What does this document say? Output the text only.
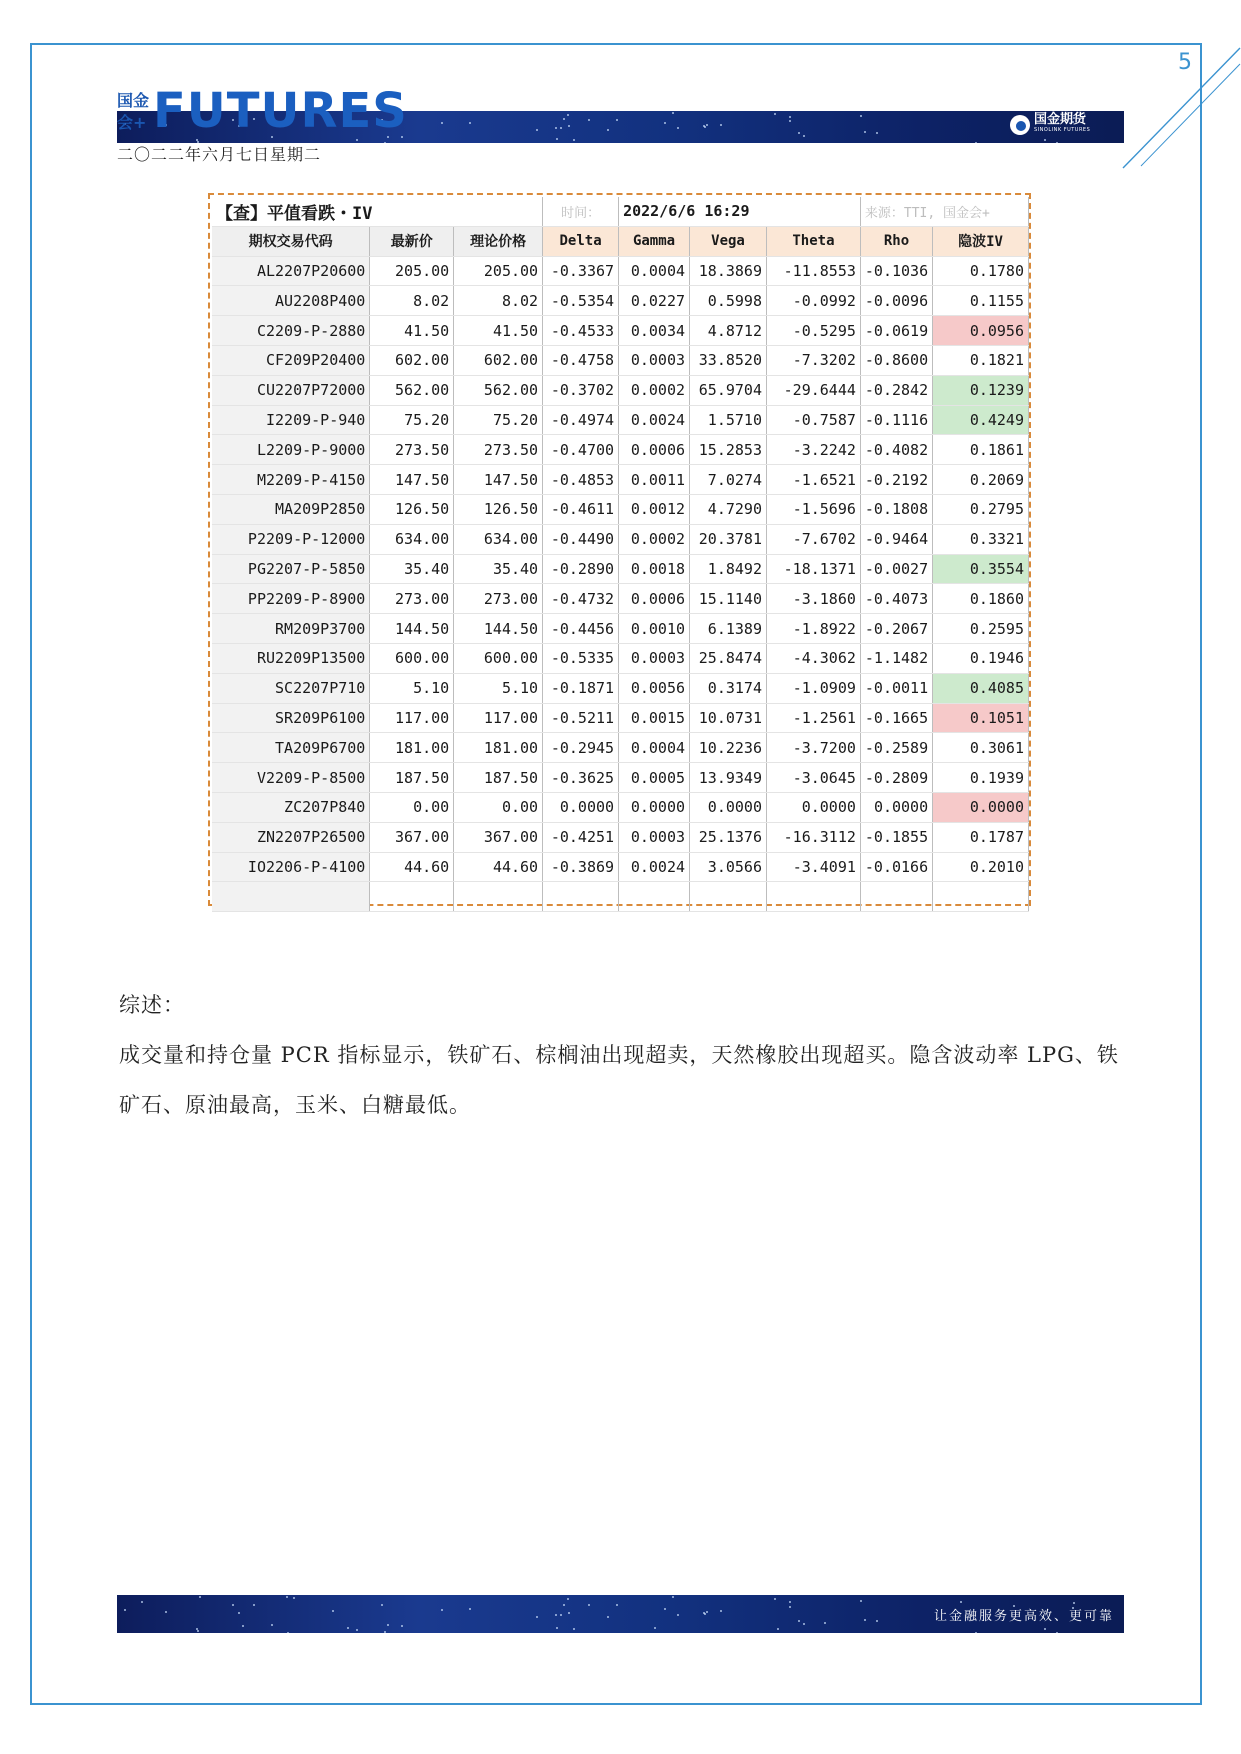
5
国金会+ FUTURES	国金期货
SINOLINK FUTURES
二〇二二年六月七日星期二
【查】平值看跌・IV			时间：	2022/6/6 16:29			来源：TTI, 国金会+	
期权交易代码	最新价	理论价格	Delta	Gamma	Vega	Theta	Rho	隐波IV
AL2207P20600	205.00	205.00	-0.3367	0.0004	18.3869	-11.8553	-0.1036	0.1780
AU2208P400	8.02	8.02	-0.5354	0.0227	0.5998	-0.0992	-0.0096	0.1155
C2209-P-2880	41.50	41.50	-0.4533	0.0034	4.8712	-0.5295	-0.0619	0.0956
CF209P20400	602.00	602.00	-0.4758	0.0003	33.8520	-7.3202	-0.8600	0.1821
CU2207P72000	562.00	562.00	-0.3702	0.0002	65.9704	-29.6444	-0.2842	0.1239
I2209-P-940	75.20	75.20	-0.4974	0.0024	1.5710	-0.7587	-0.1116	0.4249
L2209-P-9000	273.50	273.50	-0.4700	0.0006	15.2853	-3.2242	-0.4082	0.1861
M2209-P-4150	147.50	147.50	-0.4853	0.0011	7.0274	-1.6521	-0.2192	0.2069
MA209P2850	126.50	126.50	-0.4611	0.0012	4.7290	-1.5696	-0.1808	0.2795
P2209-P-12000	634.00	634.00	-0.4490	0.0002	20.3781	-7.6702	-0.9464	0.3321
PG2207-P-5850	35.40	35.40	-0.2890	0.0018	1.8492	-18.1371	-0.0027	0.3554
PP2209-P-8900	273.00	273.00	-0.4732	0.0006	15.1140	-3.1860	-0.4073	0.1860
RM209P3700	144.50	144.50	-0.4456	0.0010	6.1389	-1.8922	-0.2067	0.2595
RU2209P13500	600.00	600.00	-0.5335	0.0003	25.8474	-4.3062	-1.1482	0.1946
SC2207P710	5.10	5.10	-0.1871	0.0056	0.3174	-1.0909	-0.0011	0.4085
SR209P6100	117.00	117.00	-0.5211	0.0015	10.0731	-1.2561	-0.1665	0.1051
TA209P6700	181.00	181.00	-0.2945	0.0004	10.2236	-3.7200	-0.2589	0.3061
V2209-P-8500	187.50	187.50	-0.3625	0.0005	13.9349	-3.0645	-0.2809	0.1939
ZC207P840	0.00	0.00	0.0000	0.0000	0.0000	0.0000	0.0000	0.0000
ZN2207P26500	367.00	367.00	-0.4251	0.0003	25.1376	-16.3112	-0.1855	0.1787
IO2206-P-4100	44.60	44.60	-0.3869	0.0024	3.0566	-3.4091	-0.0166	0.2010

综述：

成交量和持仓量 PCR 指标显示，铁矿石、棕榈油出现超卖，天然橡胶出现超买。隐含波动率 LPG、铁矿石、原油最高，玉米、白糖最低。

让金融服务更高效、更可靠
